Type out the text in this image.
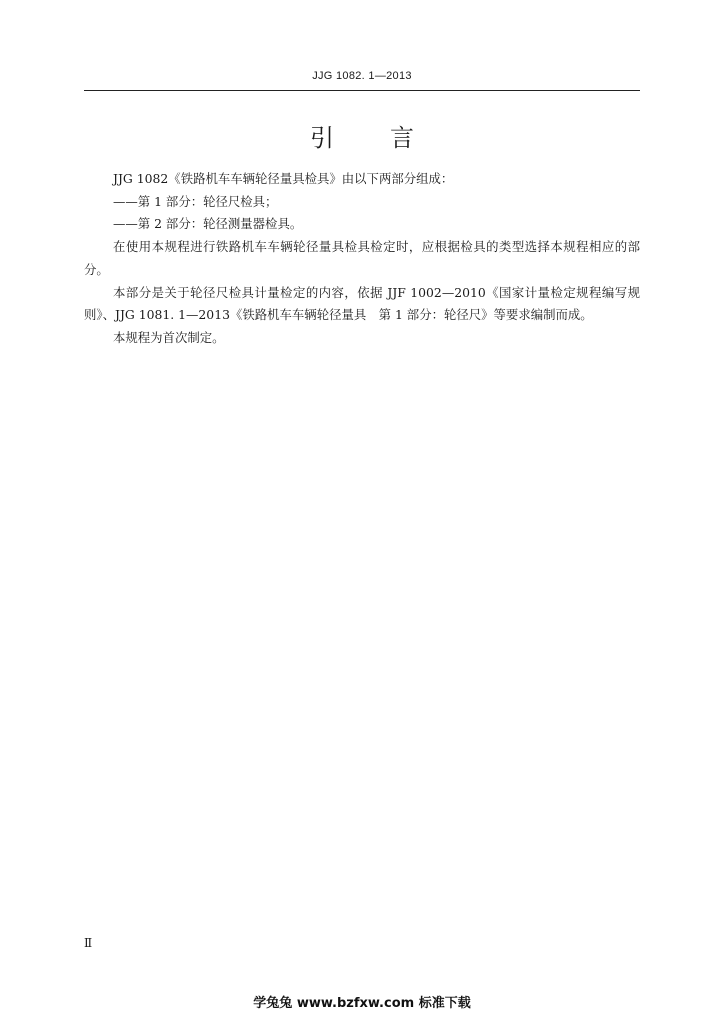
JJG 1082. 1—2013
引 言

JJG 1082《铁路机车车辆轮径量具检具》由以下两部分组成：

——第 1 部分：轮径尺检具；

——第 2 部分：轮径测量器检具。

在使用本规程进行铁路机车车辆轮径量具检具检定时，应根据检具的类型选择本规程相应的部分。

本部分是关于轮径尺检具计量检定的内容，依据 JJF 1002—2010《国家计量检定规程编写规则》、JJG 1081. 1—2013《铁路机车车辆轮径量具　第 1 部分：轮径尺》等要求编制而成。

本规程为首次制定。

Ⅱ
学兔兔 www.bzfxw.com 标准下载
